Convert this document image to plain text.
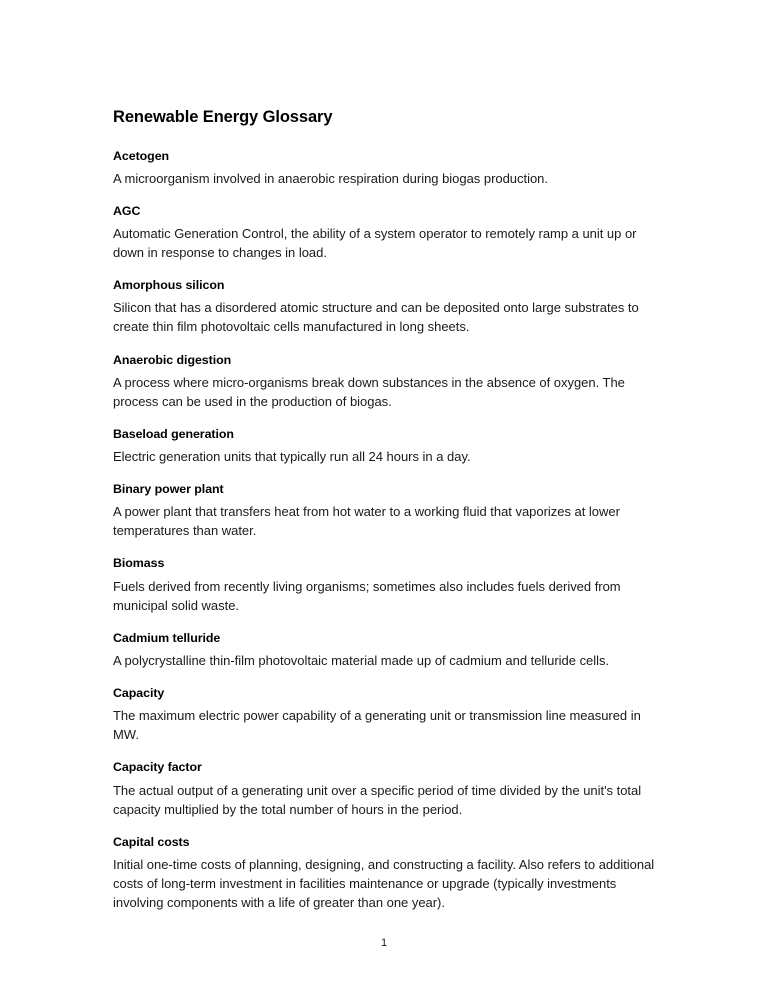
Renewable Energy Glossary
Acetogen

A microorganism involved in anaerobic respiration during biogas production.

AGC

Automatic Generation Control, the ability of a system operator to remotely ramp a unit up or down in response to changes in load.

Amorphous silicon

Silicon that has a disordered atomic structure and can be deposited onto large substrates to create thin film photovoltaic cells manufactured in long sheets.

Anaerobic digestion

A process where micro-organisms break down substances in the absence of oxygen. The process can be used in the production of biogas.

Baseload generation

Electric generation units that typically run all 24 hours in a day.

Binary power plant

A power plant that transfers heat from hot water to a working fluid that vaporizes at lower temperatures than water.

Biomass

Fuels derived from recently living organisms; sometimes also includes fuels derived from municipal solid waste.

Cadmium telluride

A polycrystalline thin-film photovoltaic material made up of cadmium and telluride cells.

Capacity

The maximum electric power capability of a generating unit or transmission line measured in MW.

Capacity factor

The actual output of a generating unit over a specific period of time divided by the unit's total capacity multiplied by the total number of hours in the period.

Capital costs

Initial one-time costs of planning, designing, and constructing a facility. Also refers to additional costs of long-term investment in facilities maintenance or upgrade (typically investments involving components with a life of greater than one year).

1
